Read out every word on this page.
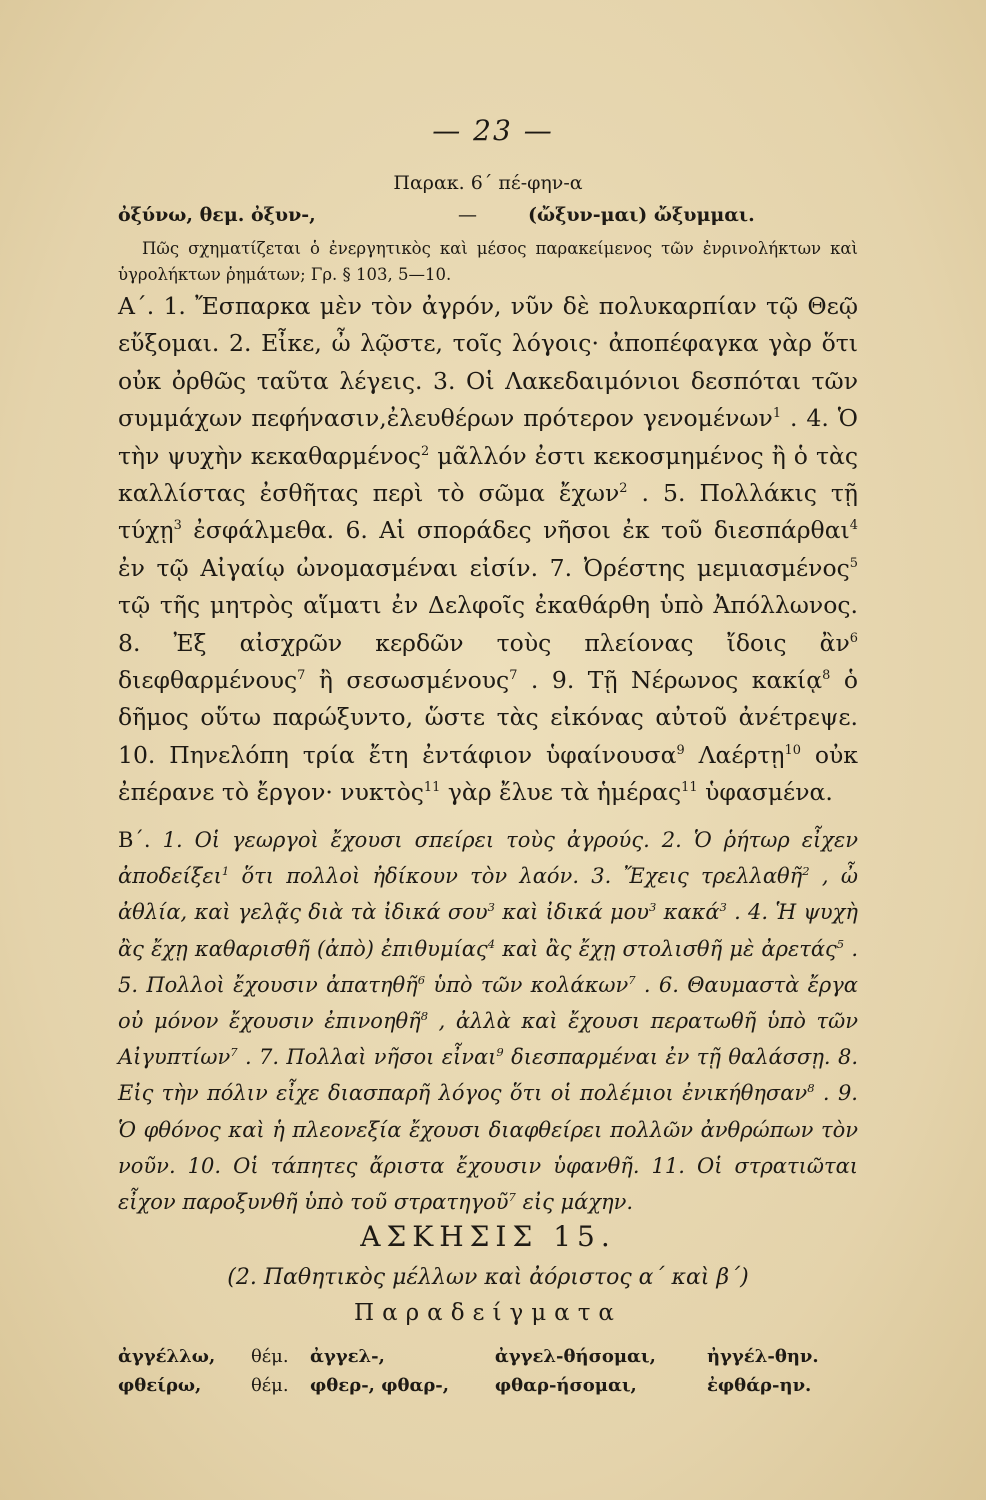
— 23 —
Παρακ. 6΄ πέ-φην-α
ὀξύνω, θεμ. ὀξυν-,	—	(ὤξυν-μαι) ὤξυμμαι.
Πῶς σχηματίζεται ὁ ἐνεργητικὸς καὶ μέσος παρακείμενος τῶν ἐνρινολήκτων καὶ ὑγρολήκτων ῥημάτων; Γρ. § 103, 5—10.
Α΄. 1. Ἔσπαρκα μὲν τὸν ἀγρόν, νῦν δὲ πολυκαρπίαν τῷ Θεῷ εὔξομαι. 2. Εἶκε, ὦ λῷστε, τοῖς λόγοις· ἀποπέφαγκα γὰρ ὅτι οὐκ ὀρθῶς ταῦτα λέγεις. 3. Οἱ Λακεδαιμόνιοι δεσπόται τῶν συμμάχων πεφήνασιν,ἐλευθέρων πρότερον γενομένων$^1$ . 4. Ὁ τὴν ψυχὴν κεκαθαρμένος$^2$ μᾶλλόν ἐστι κεκοσμημένος ἢ ὁ τὰς καλλίστας ἐσθῆτας περὶ τὸ σῶμα ἔχων$^2$ . 5. Πολλάκις τῇ τύχῃ$^3$ ἐσφάλμεθα. 6. Αἱ σποράδες νῆσοι ἐκ τοῦ διεσπάρθαι$^4$ ἐν τῷ Αἰγαίῳ ὠνομασμέναι εἰσίν. 7. Ὀρέστης μεμιασμένος$^5$ τῷ τῆς μητρὸς αἵματι ἐν Δελφοῖς ἐκαθάρθη ὑπὸ Ἀπόλλωνος. 8. Ἐξ αἰσχρῶν κερδῶν τοὺς πλείονας ἴδοις ἂν$^6$ διεφθαρμένους$^7$ ἢ σεσωσμένους$^7$ . 9. Τῇ Νέρωνος κακίᾳ$^8$ ὁ δῆμος οὕτω παρώξυντο, ὥστε τὰς εἰκόνας αὐτοῦ ἀνέτρεψε. 10. Πηνελόπη τρία ἔτη ἐντάφιον ὑφαίνουσα$^9$ Λαέρτῃ$^{10}$ οὐκ ἐπέρανε τὸ ἔργον· νυκτὸς$^{11}$ γὰρ ἔλυε τὰ ἡμέρας$^{11}$ ὑφασμένα.
Β΄. 1. Οἱ γεωργοὶ ἔχουσι σπείρει τοὺς ἀγρούς. 2. Ὁ ῥήτωρ εἶχεν ἀποδείξει$^1$ ὅτι πολλοὶ ἠδίκουν τὸν λαόν. 3. Ἔχεις τρελλαθῆ$^2$ , ὦ ἀθλία, καὶ γελᾷς διὰ τὰ ἰδικά σου$^3$ καὶ ἰδικά μου$^3$ κακά$^3$ . 4. Ἡ ψυχὴ ἂς ἔχῃ καθαρισθῆ (ἀπὸ) ἐπιθυμίας$^4$ καὶ ἂς ἔχῃ στολισθῆ μὲ ἀρετάς$^5$ . 5. Πολλοὶ ἔχουσιν ἀπατηθῆ$^6$ ὑπὸ τῶν κολάκων$^7$ . 6. Θαυμαστὰ ἔργα οὐ μόνον ἔχουσιν ἐπινοηθῆ$^8$ , ἀλλὰ καὶ ἔχουσι περατωθῆ ὑπὸ τῶν Αἰγυπτίων$^7$ . 7. Πολλαὶ νῆσοι εἶναι$^9$ διεσπαρμέναι ἐν τῇ θαλάσσῃ. 8. Εἰς τὴν πόλιν εἶχε διασπαρῆ λόγος ὅτι οἱ πολέμιοι ἐνικήθησαν$^8$ . 9. Ὁ φθόνος καὶ ἡ πλεονεξία ἔχουσι διαφθείρει πολλῶν ἀνθρώπων τὸν νοῦν. 10. Οἱ τάπητες ἄριστα ἔχουσιν ὑφανθῆ. 11. Οἱ στρατιῶται εἶχον παροξυνθῆ ὑπὸ τοῦ στρατηγοῦ$^7$ εἰς μάχην.
ΑΣΚΗΣΙΣ 15.
(2. Παθητικὸς μέλλων καὶ ἀόριστος α΄ καὶ β΄)
Παραδείγματα
ἀγγέλλω,	θέμ.	ἀγγελ-,	ἀγγελ-θήσομαι,	ἠγγέλ-θην.
φθείρω,	θέμ.	φθερ-, φθαρ-,	φθαρ-ήσομαι,	ἐφθάρ-ην.
